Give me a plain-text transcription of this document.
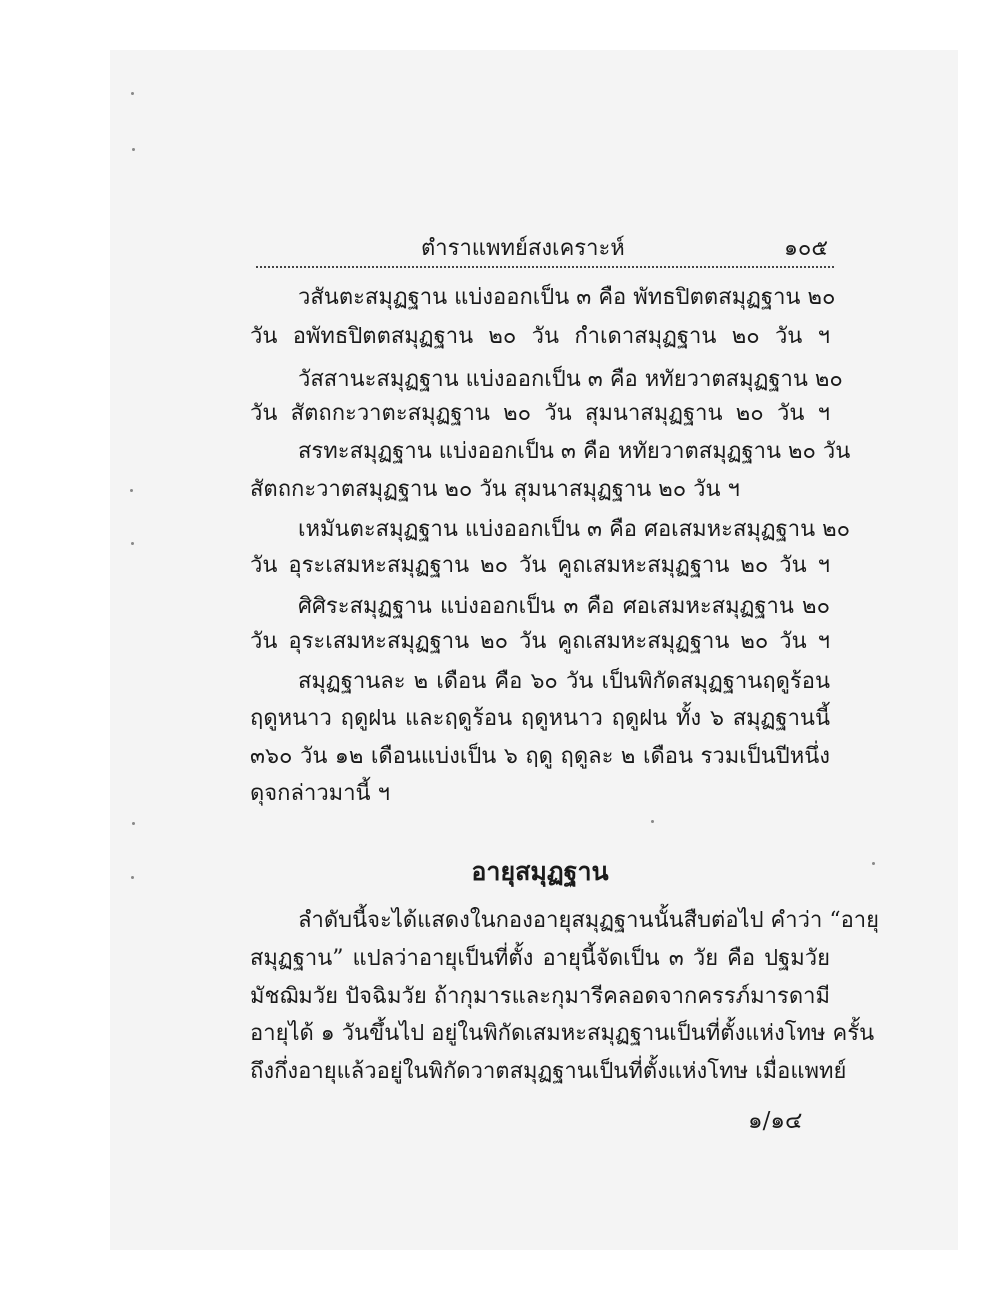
ตำราแพทย์สงเคราะห์	๑๐๕
วสันตะสมุฏฐาน แบ่งออกเป็น ๓ คือ พัทธปิตตสมุฏฐาน ๒๐
วัน อพัทธปิตตสมุฏฐาน ๒๐ วัน กำเดาสมุฏฐาน ๒๐ วัน ฯ
วัสสานะสมุฏฐาน แบ่งออกเป็น ๓ คือ หทัยวาตสมุฏฐาน ๒๐
วัน สัตถกะวาตะสมุฏฐาน ๒๐ วัน สุมนาสมุฏฐาน ๒๐ วัน ฯ
สรทะสมุฏฐาน แบ่งออกเป็น ๓ คือ หทัยวาตสมุฏฐาน ๒๐ วัน
สัตถกะวาตสมุฏฐาน ๒๐ วัน สุมนาสมุฏฐาน ๒๐ วัน ฯ
เหมันตะสมุฏฐาน แบ่งออกเป็น ๓ คือ ศอเสมหะสมุฏฐาน ๒๐
วัน อุระเสมหะสมุฏฐาน ๒๐ วัน คูถเสมหะสมุฏฐาน ๒๐ วัน ฯ
ศิศิระสมุฏฐาน แบ่งออกเป็น ๓ คือ ศอเสมหะสมุฏฐาน ๒๐
วัน อุระเสมหะสมุฏฐาน ๒๐ วัน คูถเสมหะสมุฏฐาน ๒๐ วัน ฯ
สมุฏฐานละ ๒ เดือน คือ ๖๐ วัน เป็นพิกัดสมุฏฐานฤดูร้อน
ฤดูหนาว ฤดูฝน และฤดูร้อน ฤดูหนาว ฤดูฝน ทั้ง ๖ สมุฏฐานนี้
๓๖๐ วัน ๑๒ เดือนแบ่งเป็น ๖ ฤดู ฤดูละ ๒ เดือน รวมเป็นปีหนึ่ง
ดุจกล่าวมานี้ ฯ
อายุสมุฏฐาน
ลำดับนี้จะได้แสดงในกองอายุสมุฏฐานนั้นสืบต่อไป คำว่า “อายุ
สมุฏฐาน” แปลว่าอายุเป็นที่ตั้ง อายุนี้จัดเป็น ๓ วัย คือ ปฐมวัย
มัชฌิมวัย ปัจฉิมวัย ถ้ากุมารและกุมารีคลอดจากครรภ์มารดามี
อายุได้ ๑ วันขึ้นไป อยู่ในพิกัดเสมหะสมุฏฐานเป็นที่ตั้งแห่งโทษ ครั้น
ถึงกึ่งอายุแล้วอยู่ในพิกัดวาตสมุฏฐานเป็นที่ตั้งแห่งโทษ เมื่อแพทย์
๑/๑๔
